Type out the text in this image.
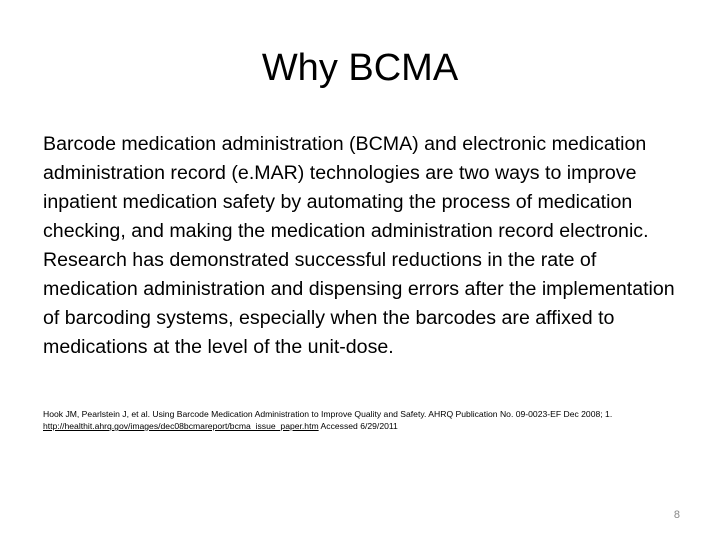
Why BCMA

Barcode medication administration (BCMA) and electronic medication administration record (e.MAR) technologies are two ways to improve inpatient medication safety by automating the process of medication checking, and making the medication administration record electronic. Research has demonstrated successful reductions in the rate of medication administration and dispensing errors after the implementation of barcoding systems, especially when the barcodes are affixed to medications at the level of the unit-dose.

Hook JM, Pearlstein J, et al. Using Barcode Medication Administration to Improve Quality and Safety. AHRQ Publication No. 09-0023-EF Dec 2008; 1. http://healthit.ahrq.gov/images/dec08bcmareport/bcma_issue_paper.htm Accessed 6/29/2011

8
